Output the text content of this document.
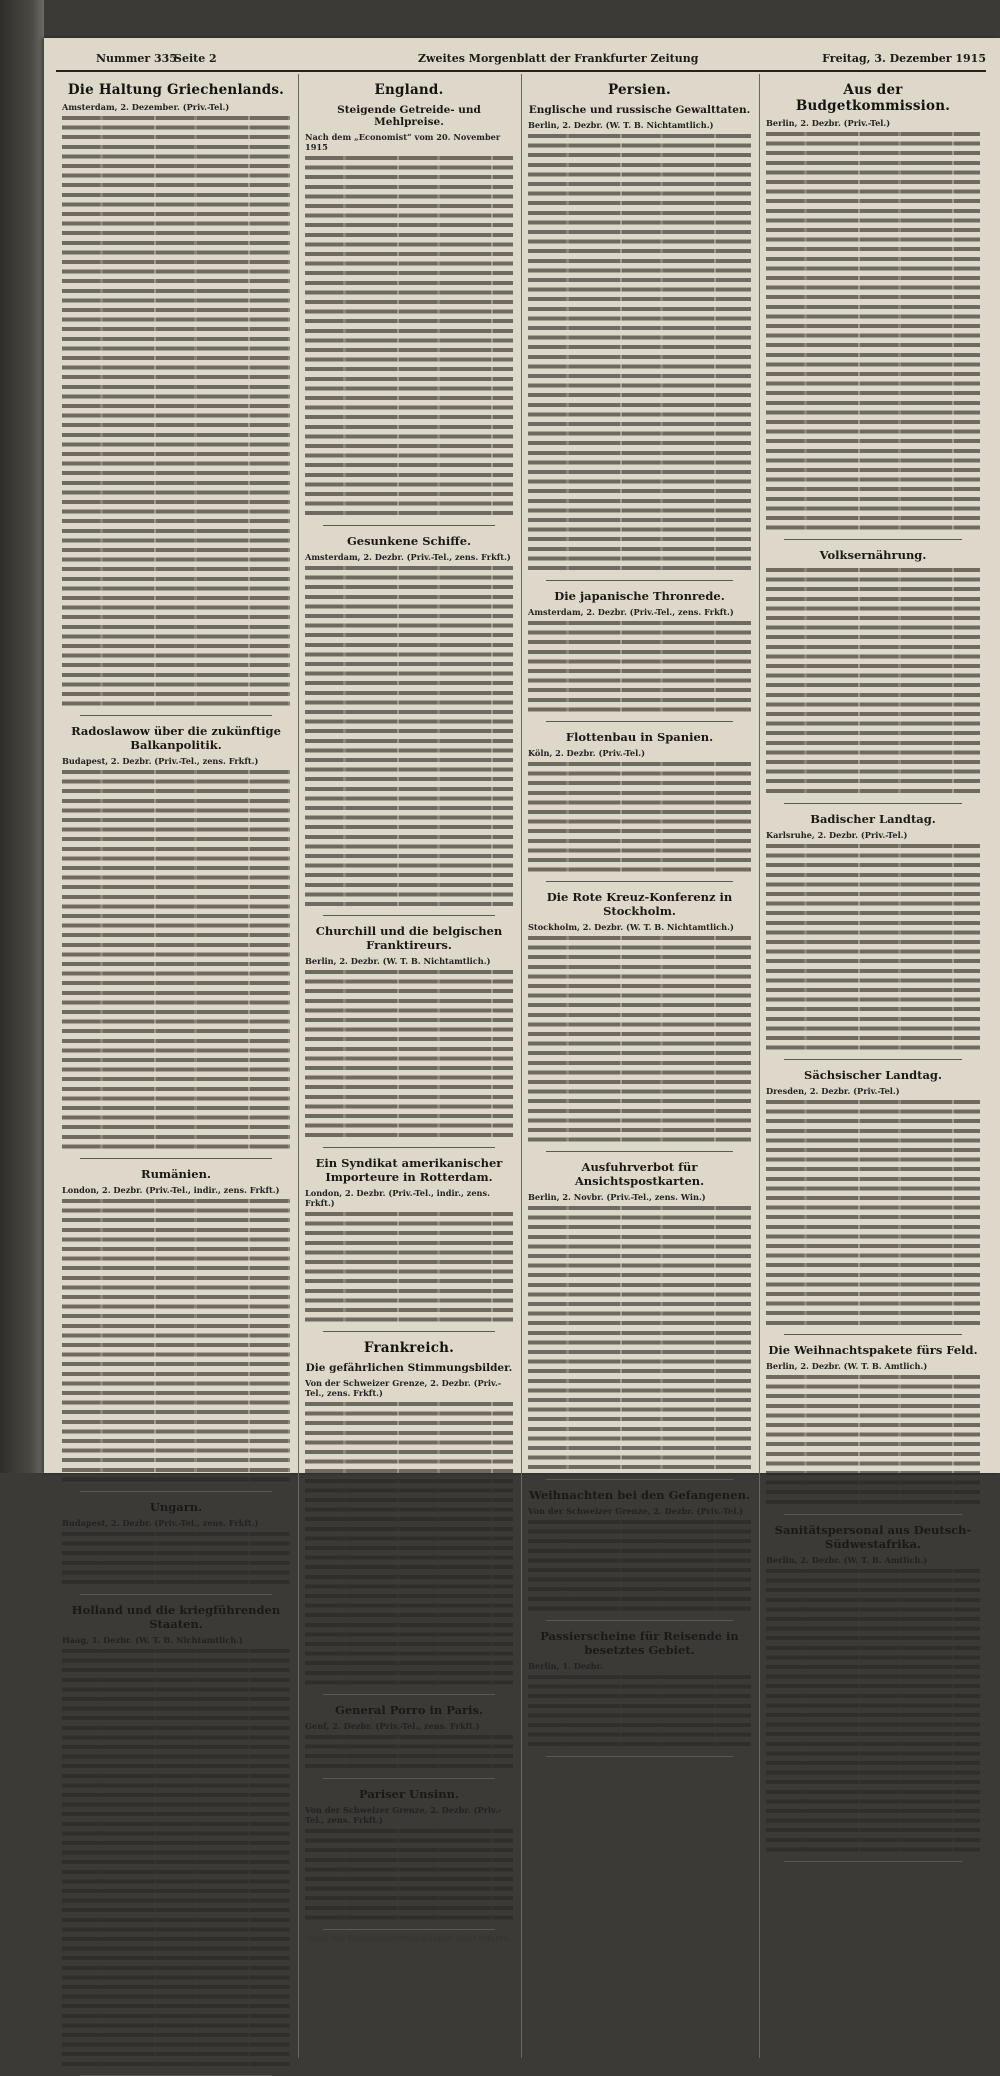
Nummer 335
Seite 2	Zweites Morgenblatt der Frankfurter Zeitung	Freitag, 3. Dezember 1915
Die Haltung Griechenlands.
Amsterdam, 2. Dezember. (Priv.-Tel.)
Radoslawow über die zukünftige Balkanpolitik.
Budapest, 2. Dezbr. (Priv.-Tel., zens. Frkft.)
Rumänien.
London, 2. Dezbr. (Priv.-Tel., indir., zens. Frkft.)
Ungarn.
Budapest, 2. Dezbr. (Priv.-Tel., zens. Frkft.)
Holland und die kriegführenden Staaten.
Haag, 1. Dezbr. (W. T. B. Nichtamtlich.)
England.
Steigende Getreide- und Mehlpreise.
Nach dem „Economist“ vom 20. November 1915
Gesunkene Schiffe.
Amsterdam, 2. Dezbr. (Priv.-Tel., zens. Frkft.)
Churchill und die belgischen Franktireurs.
Berlin, 2. Dezbr. (W. T. B. Nichtamtlich.)
Ein Syndikat amerikanischer Importeure in Rotterdam.
London, 2. Dezbr. (Priv.-Tel., indir., zens. Frkft.)
Frankreich.
Die gefährlichen Stimmungsbilder.
Von der Schweizer Grenze, 2. Dezbr. (Priv.-Tel., zens. Frkft.)
General Porro in Paris.
Genf, 2. Dezbr. (Priv.-Tel., zens. Frkft.)
Pariser Unsinn.
Von der Schweizer Grenze, 2. Dezbr. (Priv.-Tel., zens. Frkft.)
Inhalt der Reichstagsverhandlungen nicht erfahre.
Persien.
Englische und russische Gewalttaten.
Berlin, 2. Dezbr. (W. T. B. Nichtamtlich.)
Die japanische Thronrede.
Amsterdam, 2. Dezbr. (Priv.-Tel., zens. Frkft.)
Flottenbau in Spanien.
Köln, 2. Dezbr. (Priv.-Tel.)
Die Rote Kreuz-Konferenz in Stockholm.
Stockholm, 2. Dezbr. (W. T. B. Nichtamtlich.)
Ausfuhrverbot für Ansichtspostkarten.
Berlin, 2. Novbr. (Priv.-Tel., zens. Win.)
Weihnachten bei den Gefangenen.
Von der Schweizer Grenze, 2. Dezbr. (Priv.-Tel.)
Passierscheine für Reisende in besetztes Gebiet.
Berlin, 1. Dezbr.
Aus der Budgetkommission.
Berlin, 2. Dezbr. (Priv.-Tel.)
Volksernährung.
Badischer Landtag.
Karlsruhe, 2. Dezbr. (Priv.-Tel.)
Sächsischer Landtag.
Dresden, 2. Dezbr. (Priv.-Tel.)
Die Weihnachtspakete fürs Feld.
Berlin, 2. Dezbr. (W. T. B. Amtlich.)
Sanitätspersonal aus Deutsch-Südwestafrika.
Berlin, 2. Dezbr. (W. T. B. Amtlich.)
